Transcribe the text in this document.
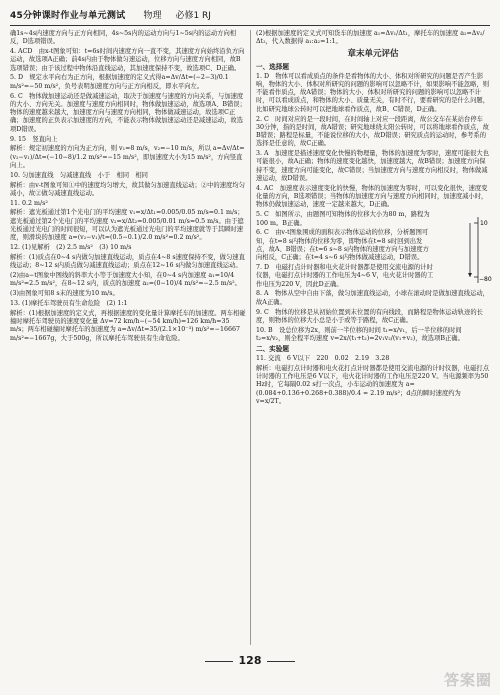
45分钟课时作业与单元测试 物理 必修1 RJ

确1s~4s内速度方向与正方向相同，4s~5s内的运动方向与1~5s内的运动方向相反，D选项错误。

4. ACD　由x-t图象可知：t=6s时间内速度方向一直不变，其速度方向始终沿负方向运动，故选项A正确；前4s内由于物体做匀速运动，位移方向与速度方向相同，故B选项错误；由于该过程中物体沿直线运动，其加速度保持不变，故选项C、D正确。

5. D　规定水平向右为正方向，根据加速度的定义式得a=Δv/Δt=(−2−3)/0.1 m/s²=−50 m/s²，负号表明加速度方向与正方向相反，即水平向左。

6. C　物体做加速运动还是做减速运动，取决于加速度与速度的方向关系，与加速度的大小、方向无关。加速度与速度方向相同时，物体做加速运动，故选项A、B错误；物体的速度越来越大，加速度方向与速度方向相同，物体做减速运动，故选项C正确；加速度的正负表示加速度的方向，不能表示物体做加速运动还是减速运动，故选项D错误。

9. 15　竖直向上

解析：规定初速度的方向为正方向，则 v₁=8 m/s，v₂=−10 m/s，所以 a=Δv/Δt=(v₂−v₁)/Δt=(−10−8)/1.2 m/s²=−15 m/s²，即加速度大小为15 m/s²，方向竖直向上。

10. 匀加速直线　匀减速直线　小于　相同　相同

解析：由v-t图象可知①中的速度均匀增大，故其做匀加速直线运动；②中的速度均匀减小，故②做匀减速直线运动。

11. 0.2 m/s²

解析：遮光板通过第1个光电门的平均速度 v₁=x/Δt₁=0.005/0.05 m/s=0.1 m/s；遮光板通过第2个光电门的平均速度 v₂=x/Δt₂=0.005/0.01 m/s=0.5 m/s。由于遮光板通过光电门的时间很短，可以认为遮光板通过光电门的平均速度就等于其瞬时速度，则滑块的加速度 a=(v₂−v₁)/t=(0.5−0.1)/2.0 m/s²=0.2 m/s²。

12. (1)见解析　(2) 2.5 m/s²　(3) 10 m/s

解析：(1)质点在0~4 s内做匀加速直线运动，质点在4~8 s速度保持不变，做匀速直线运动；8~12 s内质点做匀减速直线运动；质点在12~16 s内做匀加速直线运动。

(2)由a−t图象中图线的斜率大小等于加速度大小知，在0~4 s内加速度 a₁=10/4 m/s²=2.5 m/s²，在8~12 s内，质点的加速度 a₂=(0−10)/4 m/s²=−2.5 m/s²。

(3)由图象可知8 s末的速度为10 m/s。

13. (1)摩托车驾驶员有生命危险　(2) 1:1

解析：(1)根据加速度的定义式，再根据速度的变化量计算摩托车的加速度。两车相碰撞时摩托车驾驶员的速度变化量 Δv=72 km/h−(−54 km/h)=126 km/h=35 m/s；两车相碰撞时摩托车的加速度为 a=Δv/Δt=35/(2.1×10⁻³) m/s²≈−16667 m/s²=−1667g，大于500g，所以摩托车驾驶员有生命危险。

(2)根据加速度的定义式可知货车的加速度 a₁=Δv₁/Δt₁，摩托车的加速度 a₂=Δv₂/Δt₂，代入数据得 a₁:a₂=1:1。

章末单元评估
一、选择题

1. D　物体可以看成质点的条件是看物体的大小、体积对所研究的问题是否产生影响，物体的大小、体积对所研究的问题的影响可以忽略不计，如果影响不能忽略，则不能看作质点，故A错误；物体的大小、体积对所研究的问题的影响可以忽略不计时，可以看成质点，和物体的大小、质量无关，有时不行，要看研究的是什么问题，比如研究地球公转时可以把地球看作质点，故B、C错误，D正确。

2. C　时间对应的是一段时间，在时间轴上对应一段距离，故公交车在某站台停车30分钟，指的是时间，故A错误；研究地球绕太阳公转时，可以将地球看作质点，故B错误；路程是标量，不能说位移的大小，故D错误；研究质点的运动时，参考系的选择是任意的，故C正确。

3. A　加速度是描述速度变化快慢的物理量，物体的加速度为零时，速度可能很大也可能很小，故A正确；物体的速度变化越快，加速度越大，故B错误；加速度方向保持不变，速度方向可能变化，故C错误；当加速度方向与速度方向相反时，物体做减速运动，故D错误。

4. AC　加速度表示速度变化的快慢，物体的加速度为零时，可以变化很快，速度变化量的方向，B选项错误；当物体的加速度方向与速度方向相同时，加速度减小时，物体仍做加速运动，速度一定越来越大，D正确。

10
−80

5. C　如图所示，由题图可知物体的位移大小为80 m，路程为100 m。B正确。

6. C　由v-t图象围成的面积表示物体运动的位移，分析题图可知，在t=8 s内物体的位移为零，即物体在t=8 s时回到出发点，故A、B错误；在t=6 s~8 s内物体的速度方向与加速度方向相反，C正确；在t=4 s~6 s内物体做减速运动，D错误。

7. D　电磁打点计时器和电火花计时器都是使用交流电源的计时仪器，电磁打点计时器的工作电压为4~6 V，电火花计时器的工作电压为220 V，因此D正确。

8. A　物体从空中自由下落，做匀加速直线运动，小球在滚动时是做加速直线运动，故A正确。

9. C　物体的位移是从初始位置到末位置的有向线段，而路程是物体运动轨迹的长度，则物体的位移大小总是小于或等于路程，故C正确。

10. B　设总位移为2x，则前一半位移的时间 t₁=x/v₁，后一半位移的时间 t₂=x/v₂，则全程平均速度 v=2x/(t₁+t₂)=2v₁v₂/(v₁+v₂)，故选项B正确。

二、实验题

11. 交流　6 V以下　220　0.02　2.19　3.28

解析：电磁打点计时器和电火花打点计时器都是使用交流电源的计时仪器，电磁打点计时器的工作电压是6 V以下，电火花计时器的工作电压是220 V。当电源频率为50 Hz时，它每隔0.02 s打一次点，小车运动的加速度为 a=(0.084+0.136+0.268+0.388)/0.4 ≈ 2.19 m/s²；d点的瞬时速度约为 v=x/2T。

128
答案圈
